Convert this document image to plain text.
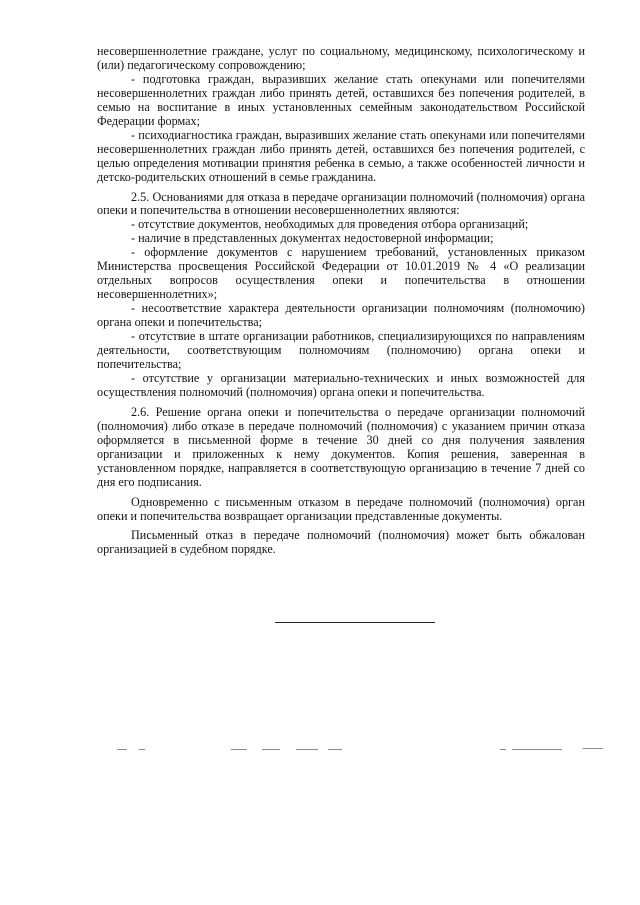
несовершеннолетние граждане, услуг по социальному, медицинскому, психологическому и (или) педагогическому сопровождению;

- подготовка граждан, выразивших желание стать опекунами или попечителями несовершеннолетних граждан либо принять детей, оставшихся без попечения родителей, в семью на воспитание в иных установленных семейным законодательством Российской Федерации формах;

- психодиагностика граждан, выразивших желание стать опекунами или попечителями несовершеннолетних граждан либо принять детей, оставшихся без попечения родителей, с целью определения мотивации принятия ребенка в семью, а также особенностей личности и детско-родительских отношений в семье гражданина.

2.5. Основаниями для отказа в передаче организации полномочий (полномочия) органа опеки и попечительства в отношении несовершеннолетних являются:

- отсутствие документов, необходимых для проведения отбора организаций;

- наличие в представленных документах недостоверной информации;

- оформление документов с нарушением требований, установленных приказом Министерства просвещения Российской Федерации от 10.01.2019 № 4 «О реализации отдельных вопросов осуществления опеки и попечительства в отношении несовершеннолетних»;

- несоответствие характера деятельности организации полномочиям (полномочию) органа опеки и попечительства;

- отсутствие в штате организации работников, специализирующихся по направлениям деятельности, соответствующим полномочиям (полномочию) органа опеки и попечительства;

- отсутствие у организации материально-технических и иных возможностей для осуществления полномочий (полномочия) органа опеки и попечительства.

2.6. Решение органа опеки и попечительства о передаче организации полномочий (полномочия) либо отказе в передаче полномочий (полномочия) с указанием причин отказа оформляется в письменной форме в течение 30 дней со дня получения заявления организации и приложенных к нему документов. Копия решения, заверенная в установленном порядке, направляется в соответствующую организацию в течение 7 дней со дня его подписания.

Одновременно с письменным отказом в передаче полномочий (полномочия) орган опеки и попечительства возвращает организации представленные документы.

Письменный отказ в передаче полномочий (полномочия) может быть обжалован организацией в судебном порядке.
